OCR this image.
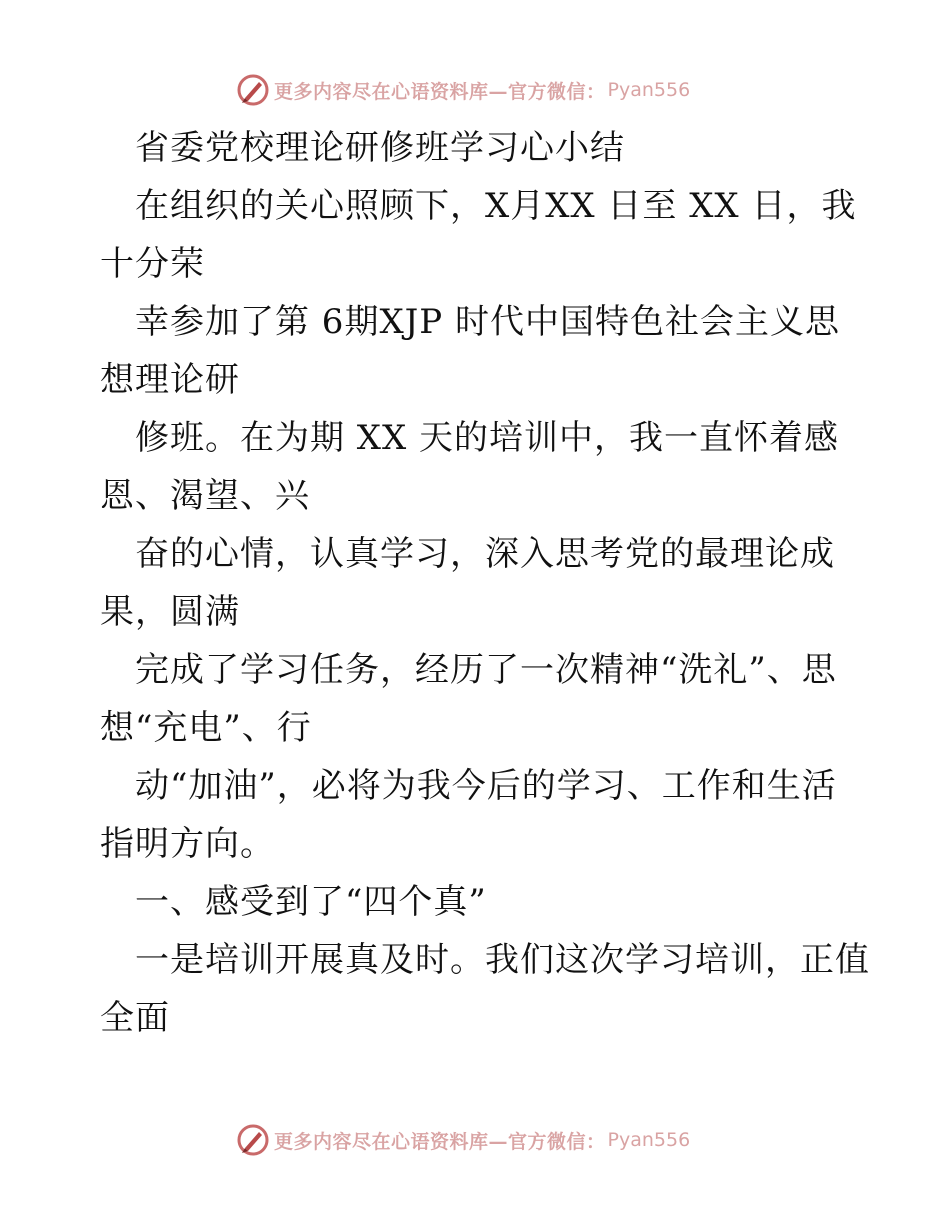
更多内容尽在心语资料库—官方微信： Pyan556
省委党校理论研修班学习心小结
在组织的关心照顾下，X月XX 日至 XX 日，我
十分荣
幸参加了第 6期XJP 时代中国特色社会主义思
想理论研
修班。在为期 XX 天的培训中，我一直怀着感
恩、渴望、兴
奋的心情，认真学习，深入思考党的最理论成
果，圆满
完成了学习任务，经历了一次精神“洗礼”、思
想“充电”、行
动“加油”，必将为我今后的学习、工作和生活
指明方向。
一、感受到了“四个真”
一是培训开展真及时。我们这次学习培训，正值
全面
更多内容尽在心语资料库—官方微信： Pyan556
